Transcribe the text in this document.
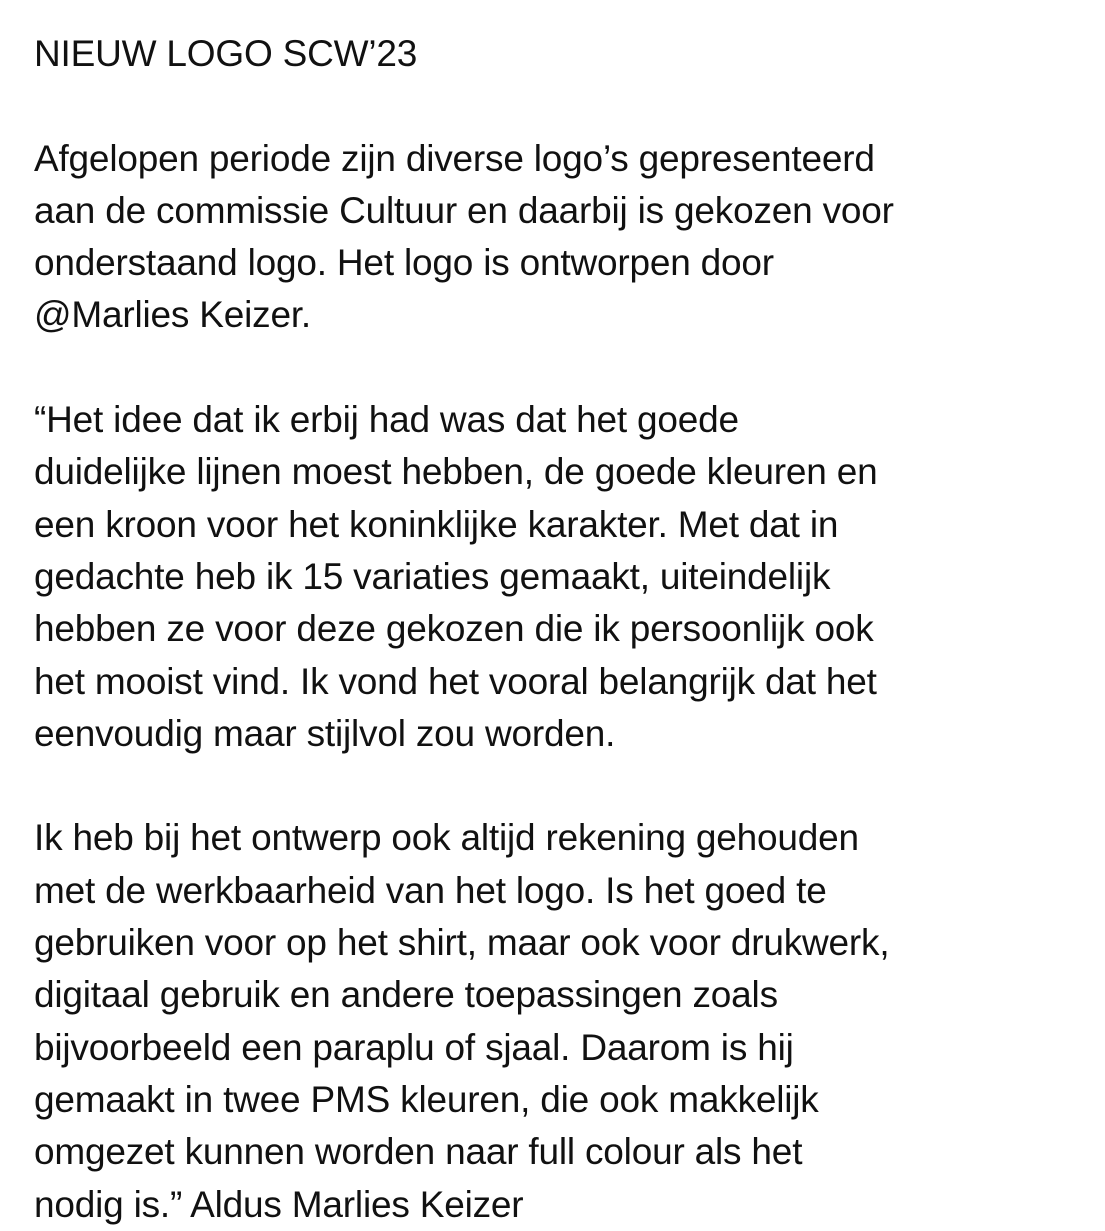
NIEUW LOGO SCW’23
Afgelopen periode zijn diverse logo’s gepresenteerd
aan de commissie Cultuur en daarbij is gekozen voor
onderstaand logo. Het logo is ontworpen door
@Marlies Keizer.
“Het idee dat ik erbij had was dat het goede
duidelijke lijnen moest hebben, de goede kleuren en
een kroon voor het koninklijke karakter. Met dat in
gedachte heb ik 15 variaties gemaakt, uiteindelijk
hebben ze voor deze gekozen die ik persoonlijk ook
het mooist vind. Ik vond het vooral belangrijk dat het
eenvoudig maar stijlvol zou worden.
Ik heb bij het ontwerp ook altijd rekening gehouden
met de werkbaarheid van het logo. Is het goed te
gebruiken voor op het shirt, maar ook voor drukwerk,
digitaal gebruik en andere toepassingen zoals
bijvoorbeeld een paraplu of sjaal. Daarom is hij
gemaakt in twee PMS kleuren, die ook makkelijk
omgezet kunnen worden naar full colour als het
nodig is.” Aldus Marlies Keizer
